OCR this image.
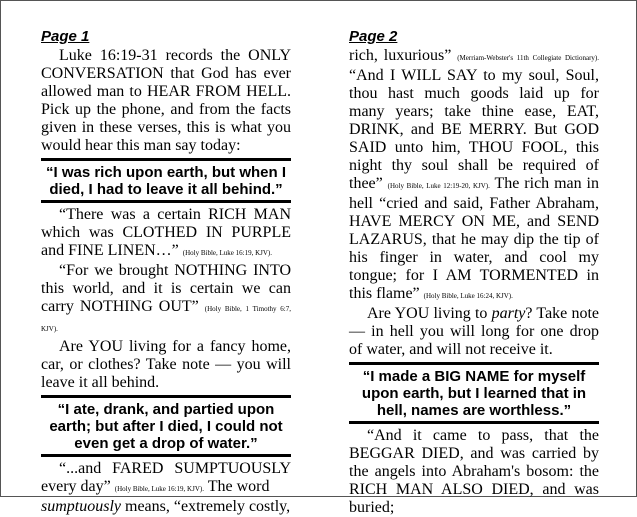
Page 1	Page 2

Luke 16:19-31 records the ONLY CONVERSATION that God has ever allowed man to HEAR FROM HELL. Pick up the phone, and from the facts given in these verses, this is what you would hear this man say today:

“I was rich upon earth, but when I died, I had to leave it all behind.”

“There was a certain RICH MAN which was CLOTHED IN PURPLE and FINE LINEN…” (Holy Bible, Luke 16:19, KJV).

“For we brought NOTHING INTO this world, and it is certain we can carry NOTHING OUT” (Holy Bible, 1 Timothy 6:7, KJV).

Are YOU living for a fancy home, car, or clothes? Take note — you will leave it all behind.

“I ate, drank, and partied upon earth; but after I died, I could not even get a drop of water.”

“...and FARED SUMPTUOUSLY every day” (Holy Bible, Luke 16:19, KJV). The word
sumptuously means, “extremely costly,

rich, luxurious” (Merriam-Webster's 11th Collegiate Dictionary). “And I WILL SAY to my soul, Soul, thou hast much goods laid up for many years; take thine ease, EAT, DRINK, and BE MERRY. But GOD SAID unto him, THOU FOOL, this night thy soul shall be required of thee” (Holy Bible, Luke 12:19-20, KJV). The rich man in hell “cried and said, Father Abraham, HAVE MERCY ON ME, and SEND LAZARUS, that he may dip the tip of his finger in water, and cool my tongue; for I AM TORMENTED in this flame” (Holy Bible, Luke 16:24, KJV).

Are YOU living to party? Take note — in hell you will long for one drop of water, and will not receive it.

“I made a BIG NAME for myself upon earth, but I learned that in hell, names are worthless.”

“And it came to pass, that the BEGGAR DIED, and was carried by the angels into Abraham's bosom: the RICH MAN ALSO DIED, and was buried;
